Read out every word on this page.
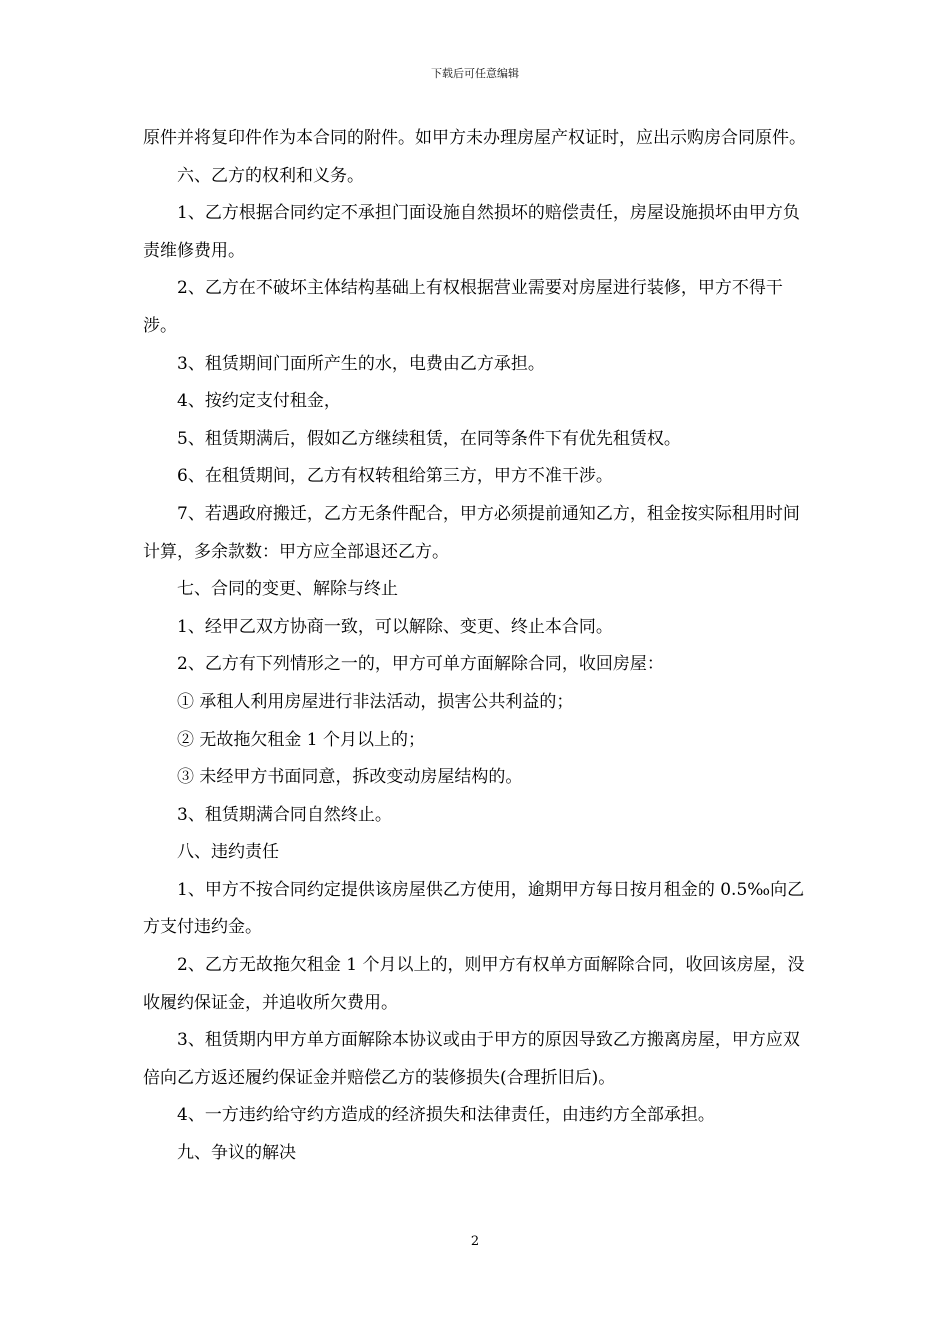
下载后可任意编辑

原件并将复印件作为本合同的附件。如甲方未办理房屋产权证时，应出示购房合同原件。

六、乙方的权利和义务。

1、乙方根据合同约定不承担门面设施自然损坏的赔偿责任，房屋设施损坏由甲方负责维修费用。

2、乙方在不破坏主体结构基础上有权根据营业需要对房屋进行装修，甲方不得干涉。

3、租赁期间门面所产生的水，电费由乙方承担。

4、按约定支付租金，

5、租赁期满后，假如乙方继续租赁，在同等条件下有优先租赁权。

6、在租赁期间，乙方有权转租给第三方，甲方不准干涉。

7、若遇政府搬迁，乙方无条件配合，甲方必须提前通知乙方，租金按实际租用时间计算，多余款数：甲方应全部退还乙方。

七、合同的变更、解除与终止

1、经甲乙双方协商一致，可以解除、变更、终止本合同。

2、乙方有下列情形之一的，甲方可单方面解除合同，收回房屋：

① 承租人利用房屋进行非法活动，损害公共利益的；

② 无故拖欠租金 1 个月以上的；

③ 未经甲方书面同意，拆改变动房屋结构的。

3、租赁期满合同自然终止。

八、违约责任

1、甲方不按合同约定提供该房屋供乙方使用，逾期甲方每日按月租金的 0.5‰向乙方支付违约金。

2、乙方无故拖欠租金 1 个月以上的，则甲方有权单方面解除合同，收回该房屋，没收履约保证金，并追收所欠费用。

3、租赁期内甲方单方面解除本协议或由于甲方的原因导致乙方搬离房屋，甲方应双倍向乙方返还履约保证金并赔偿乙方的装修损失(合理折旧后)。

4、一方违约给守约方造成的经济损失和法律责任，由违约方全部承担。

九、争议的解决

2
